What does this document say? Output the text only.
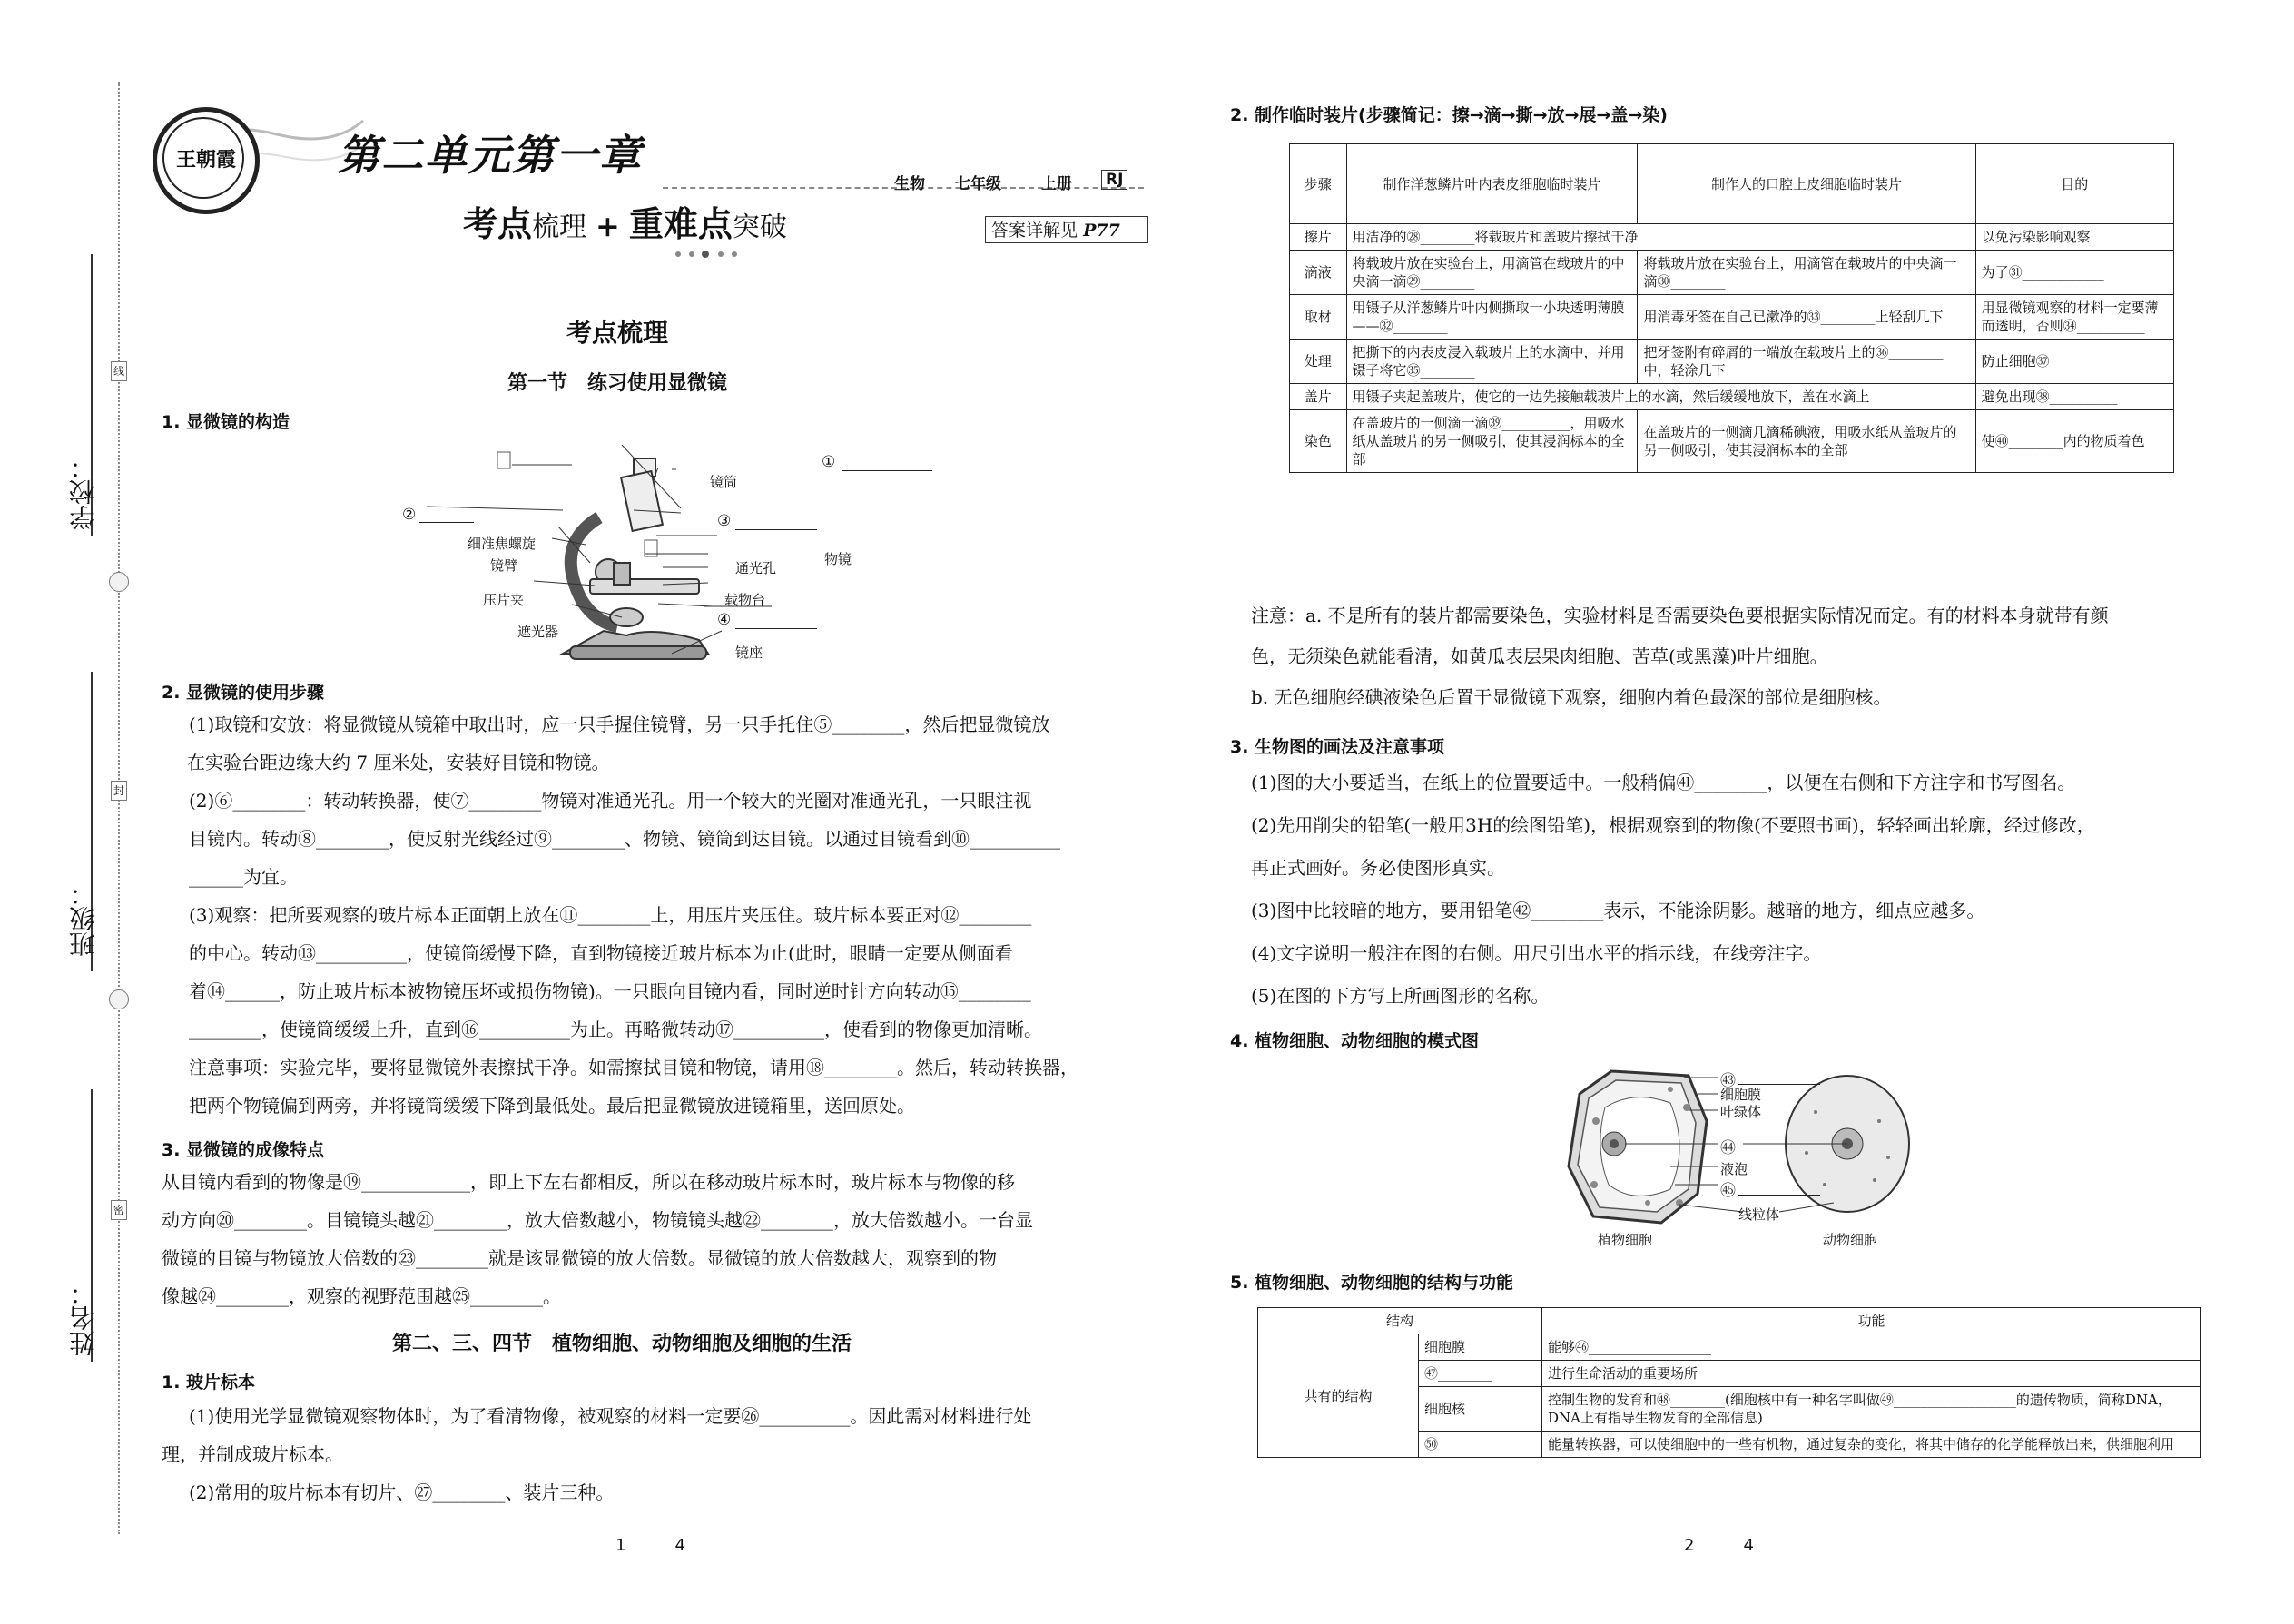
学校：
班级：
姓名：
线
封
密
王朝霞	第二单元第一章
考点梳理 + 重难点突破
生物 七年级	上册 RJ
答案详解见 P77
考点梳理
第一节　练习使用显微镜
1. 显微镜的构造
①
镜筒
②
细准焦螺旋
镜臂
③
物镜
通光孔
压片夹	载物台
④
遮光器
镜座
2. 显微镜的使用步骤
(1)取镜和安放：将显微镜从镜箱中取出时，应一只手握住镜臂，另一只手托住⑤________，然后把显微镜放
在实验台距边缘大约 7 厘米处，安装好目镜和物镜。
(2)⑥________：转动转换器，使⑦________物镜对准通光孔。用一个较大的光圈对准通光孔，一只眼注视
目镜内。转动⑧________，使反射光线经过⑨________、物镜、镜筒到达目镜。以通过目镜看到⑩__________
______为宜。
(3)观察：把所要观察的玻片标本正面朝上放在⑪________上，用压片夹压住。玻片标本要正对⑫________
的中心。转动⑬__________，使镜筒缓慢下降，直到物镜接近玻片标本为止(此时，眼睛一定要从侧面看
着⑭______，防止玻片标本被物镜压坏或损伤物镜)。一只眼向目镜内看，同时逆时针方向转动⑮________
________，使镜筒缓缓上升，直到⑯__________为止。再略微转动⑰__________，使看到的物像更加清晰。
注意事项：实验完毕，要将显微镜外表擦拭干净。如需擦拭目镜和物镜，请用⑱________。然后，转动转换器，
把两个物镜偏到两旁，并将镜筒缓缓下降到最低处。最后把显微镜放进镜箱里，送回原处。
3. 显微镜的成像特点
从目镜内看到的物像是⑲____________，即上下左右都相反，所以在移动玻片标本时，玻片标本与物像的移
动方向⑳________。目镜镜头越㉑________，放大倍数越小，物镜镜头越㉒________，放大倍数越小。一台显
微镜的目镜与物镜放大倍数的㉓________就是该显微镜的放大倍数。显微镜的放大倍数越大，观察到的物
像越㉔________，观察的视野范围越㉕________。
第二、三、四节　植物细胞、动物细胞及细胞的生活
1. 玻片标本
(1)使用光学显微镜观察物体时，为了看清物像，被观察的材料一定要㉖__________。因此需对材料进行处
理，并制成玻片标本。
(2)常用的玻片标本有切片、㉗________、装片三种。
1　　　4
2. 制作临时装片(步骤简记：擦→滴→撕→放→展→盖→染)
步骤	制作洋葱鳞片叶内表皮细胞临时装片	制作人的口腔上皮细胞临时装片	目的
擦片	用洁净的㉘________将载玻片和盖玻片擦拭干净		以免污染影响观察
滴液	将载玻片放在实验台上，用滴管在载玻片的中央滴一滴㉙________	将载玻片放在实验台上，用滴管在载玻片的中央滴一滴㉚________	为了㉛____________
取材	用镊子从洋葱鳞片叶内侧撕取一小块透明薄膜——㉜________	用消毒牙签在自己已漱净的㉝________上轻刮几下	用显微镜观察的材料一定要薄而透明，否则㉞__________
处理	把撕下的内表皮浸入载玻片上的水滴中，并用镊子将它㉟________	把牙签附有碎屑的一端放在载玻片上的㊱________中，轻涂几下	防止细胞㊲__________
盖片	用镊子夹起盖玻片，使它的一边先接触载玻片上的水滴，然后缓缓地放下，盖在水滴上		避免出现㊳__________
染色	在盖玻片的一侧滴一滴㊴__________，用吸水纸从盖玻片的另一侧吸引，使其浸润标本的全部	在盖玻片的一侧滴几滴稀碘液，用吸水纸从盖玻片的另一侧吸引，使其浸润标本的全部	使㊵________内的物质着色
注意：a. 不是所有的装片都需要染色，实验材料是否需要染色要根据实际情况而定。有的材料本身就带有颜
色，无须染色就能看清，如黄瓜表层果肉细胞、苦草(或黑藻)叶片细胞。
b. 无色细胞经碘液染色后置于显微镜下观察，细胞内着色最深的部位是细胞核。
3. 生物图的画法及注意事项
(1)图的大小要适当，在纸上的位置要适中。一般稍偏㊶________，以便在右侧和下方注字和书写图名。
(2)先用削尖的铅笔(一般用3H的绘图铅笔)，根据观察到的物像(不要照书画)，轻轻画出轮廓，经过修改，
再正式画好。务必使图形真实。
(3)图中比较暗的地方，要用铅笔㊷________表示，不能涂阴影。越暗的地方，细点应越多。
(4)文字说明一般注在图的右侧。用尺引出水平的指示线，在线旁注字。
(5)在图的下方写上所画图形的名称。
4. 植物细胞、动物细胞的模式图
㊸
细胞膜
叶绿体
㊹
液泡
㊺
线粒体
植物细胞	动物细胞
5. 植物细胞、动物细胞的结构与功能
结构		功能
共有的结构	细胞膜	能够㊻__________________
	㊼________	进行生命活动的重要场所
	细胞核	控制生物的发育和㊽________(细胞核中有一种名字叫做㊾__________________的遗传物质，简称DNA，DNA上有指导生物发育的全部信息)
	㊿________	能量转换器，可以使细胞中的一些有机物，通过复杂的变化，将其中储存的化学能释放出来，供细胞利用
2　　　4
